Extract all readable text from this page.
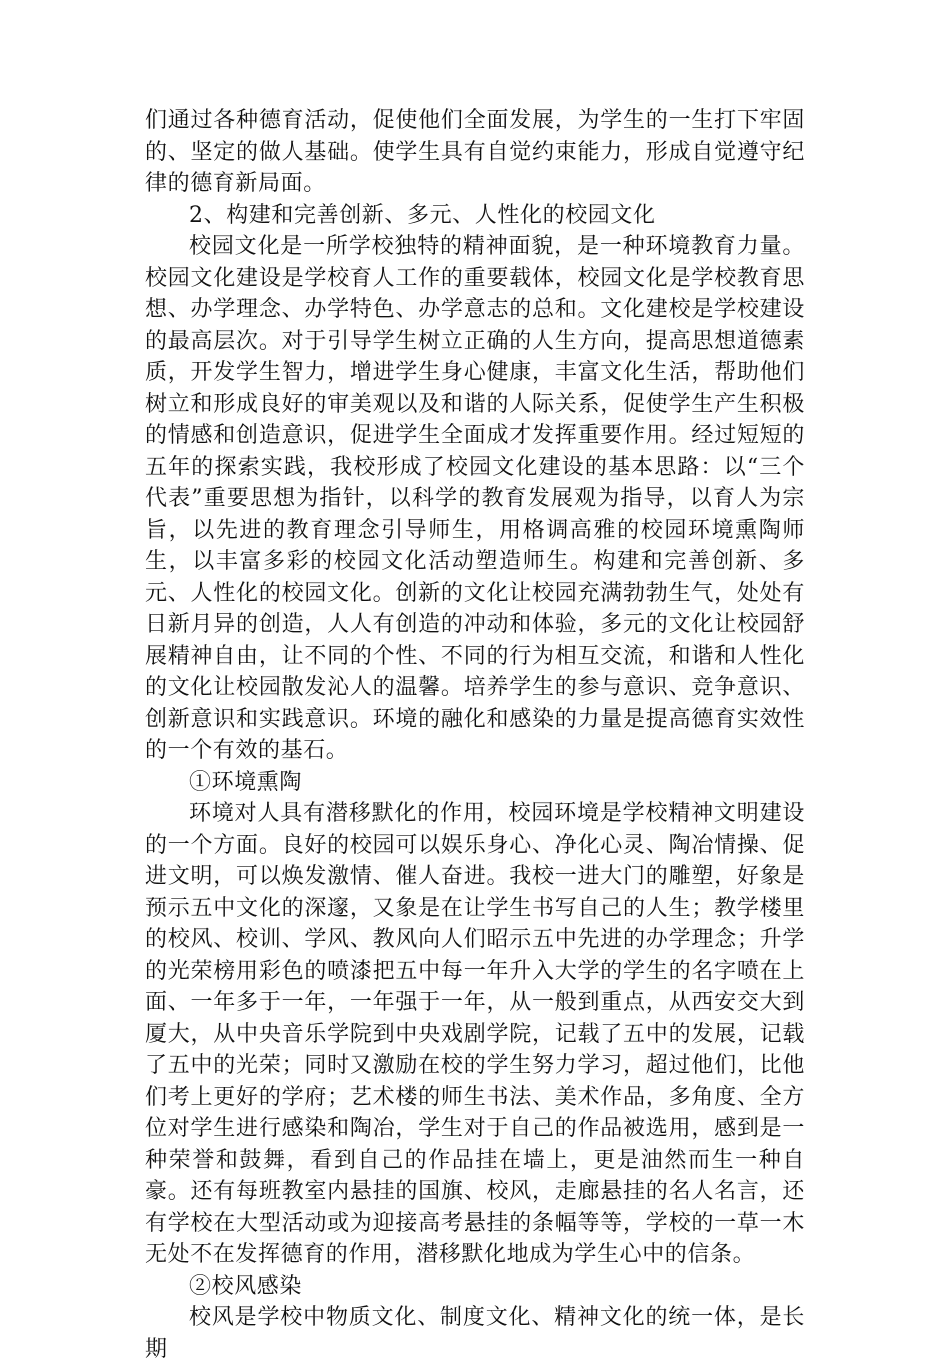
们通过各种德育活动，促使他们全面发展，为学生的一生打下牢固的、坚定的做人基础。使学生具有自觉约束能力，形成自觉遵守纪律的德育新局面。

2、构建和完善创新、多元、人性化的校园文化

校园文化是一所学校独特的精神面貌，是一种环境教育力量。校园文化建设是学校育人工作的重要载体，校园文化是学校教育思想、办学理念、办学特色、办学意志的总和。文化建校是学校建设的最高层次。对于引导学生树立正确的人生方向，提高思想道德素质，开发学生智力，增进学生身心健康，丰富文化生活，帮助他们树立和形成良好的审美观以及和谐的人际关系，促使学生产生积极的情感和创造意识，促进学生全面成才发挥重要作用。经过短短的五年的探索实践，我校形成了校园文化建设的基本思路：以“三个代表”重要思想为指针，以科学的教育发展观为指导，以育人为宗旨，以先进的教育理念引导师生，用格调高雅的校园环境熏陶师生，以丰富多彩的校园文化活动塑造师生。构建和完善创新、多元、人性化的校园文化。创新的文化让校园充满勃勃生气，处处有日新月异的创造，人人有创造的冲动和体验，多元的文化让校园舒展精神自由，让不同的个性、不同的行为相互交流，和谐和人性化的文化让校园散发沁人的温馨。培养学生的参与意识、竞争意识、创新意识和实践意识。环境的融化和感染的力量是提高德育实效性的一个有效的基石。

①环境熏陶

环境对人具有潜移默化的作用，校园环境是学校精神文明建设的一个方面。良好的校园可以娱乐身心、净化心灵、陶冶情操、促进文明，可以焕发激情、催人奋进。我校一进大门的雕塑，好象是预示五中文化的深邃，又象是在让学生书写自己的人生；教学楼里的校风、校训、学风、教风向人们昭示五中先进的办学理念；升学的光荣榜用彩色的喷漆把五中每一年升入大学的学生的名字喷在上面、一年多于一年，一年强于一年，从一般到重点，从西安交大到厦大，从中央音乐学院到中央戏剧学院，记载了五中的发展，记载了五中的光荣；同时又激励在校的学生努力学习，超过他们，比他们考上更好的学府；艺术楼的师生书法、美术作品，多角度、全方位对学生进行感染和陶冶，学生对于自己的作品被选用，感到是一种荣誉和鼓舞，看到自己的作品挂在墙上，更是油然而生一种自豪。还有每班教室内悬挂的国旗、校风，走廊悬挂的名人名言，还有学校在大型活动或为迎接高考悬挂的条幅等等，学校的一草一木无处不在发挥德育的作用，潜移默化地成为学生心中的信条。

②校风感染

校风是学校中物质文化、制度文化、精神文化的统一体，是长期
